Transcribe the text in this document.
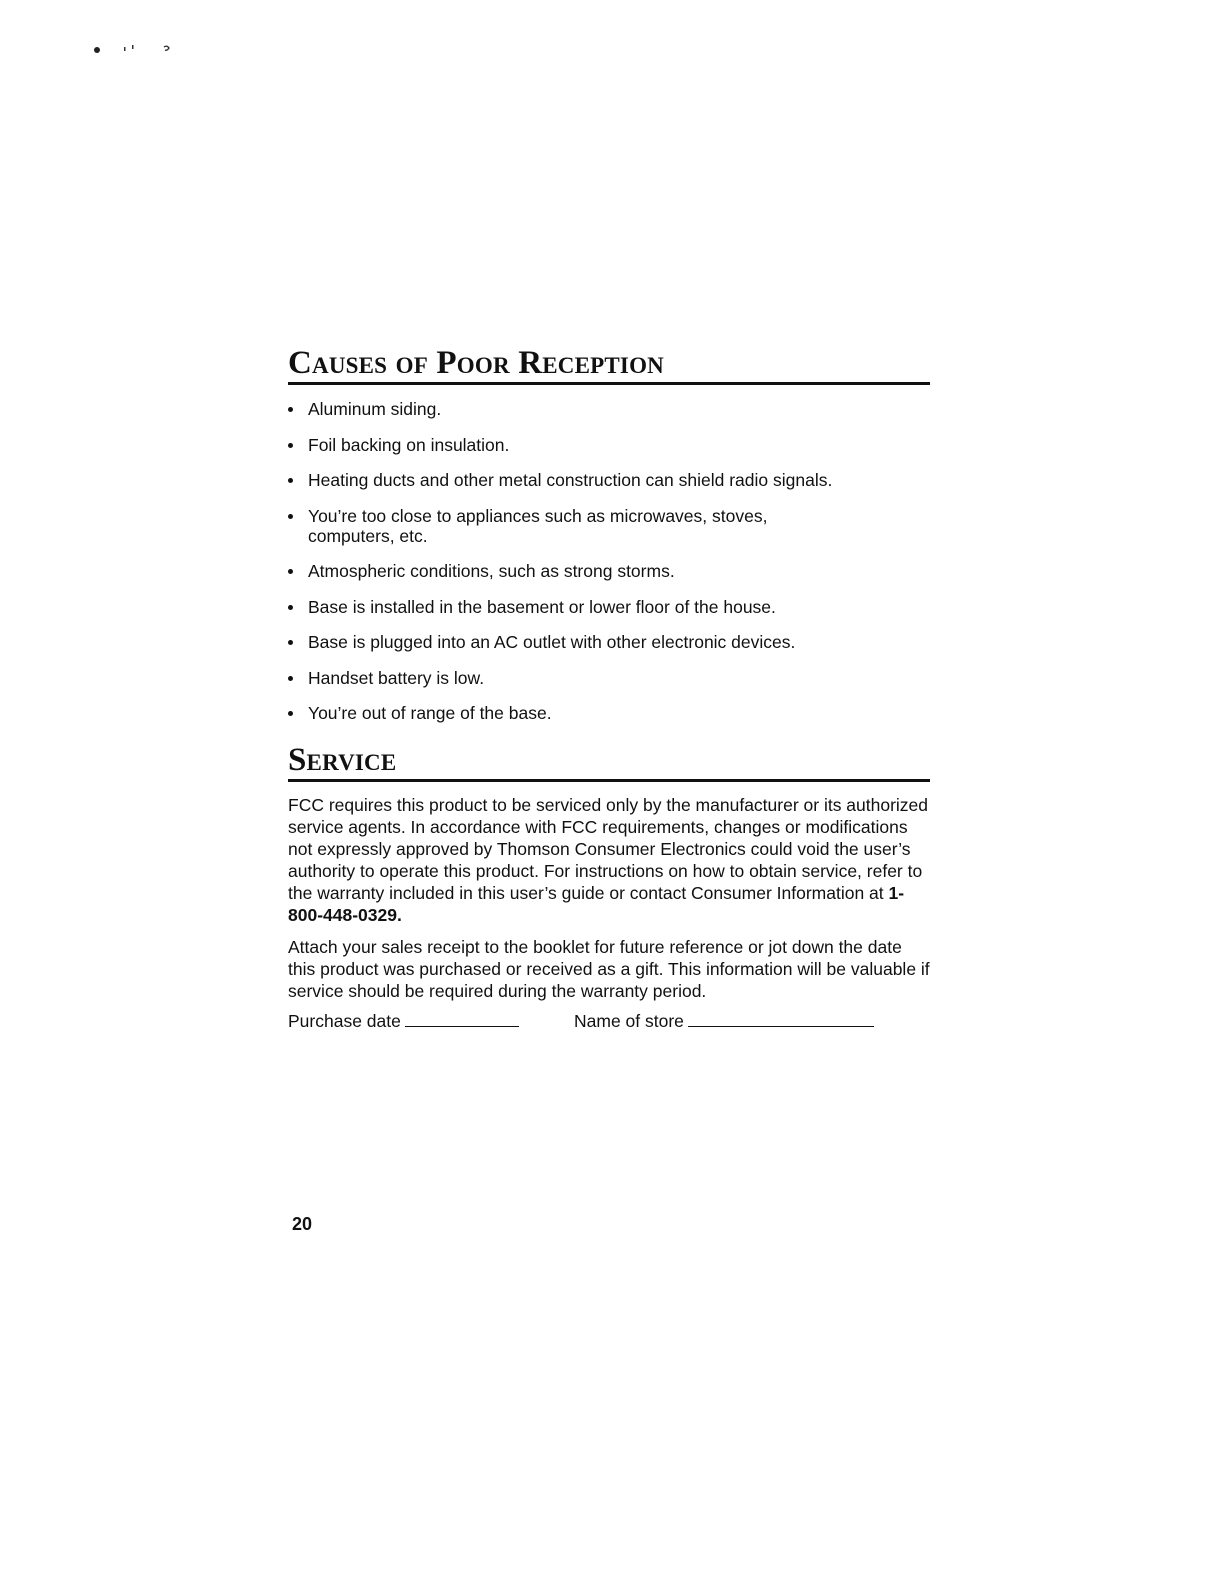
Causes of Poor Reception
Aluminum siding.
Foil backing on insulation.
Heating ducts and other metal construction can shield radio signals.
You’re too close to appliances such as microwaves, stoves, computers, etc.
Atmospheric conditions, such as strong storms.
Base is installed in the basement or lower floor of the house.
Base is plugged into an AC outlet with other electronic devices.
Handset battery is low.
You’re out of range of the base.
Service

FCC requires this product to be serviced only by the manufacturer or its authorized service agents. In accordance with FCC requirements, changes or modifications not expressly approved by Thomson Consumer Electronics could void the user’s authority to operate this product. For instructions on how to obtain service, refer to the warranty included in this user’s guide or contact Consumer Information at 1-800-448-0329.

Attach your sales receipt to the booklet for future reference or jot down the date this product was purchased or received as a gift. This information will be valuable if service should be required during the warranty period.

Purchase date	Name of store
20
